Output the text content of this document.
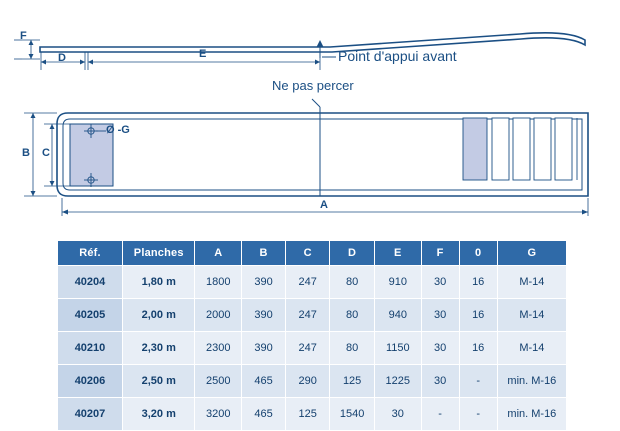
F
D	E
B C
A
Ø -G
Point d'appui avant
Ne pas percer
Réf.	Planches	A	B	C	D	E	F	0	G
40204	1,80 m	1800	390	247	80	910	30	16	M-14
40205	2,00 m	2000	390	247	80	940	30	16	M-14
40210	2,30 m	2300	390	247	80	1150	30	16	M-14
40206	2,50 m	2500	465	290	125	1225	30	-	min. M-16
40207	3,20 m	3200	465	125	1540	30	-	-	min. M-16
